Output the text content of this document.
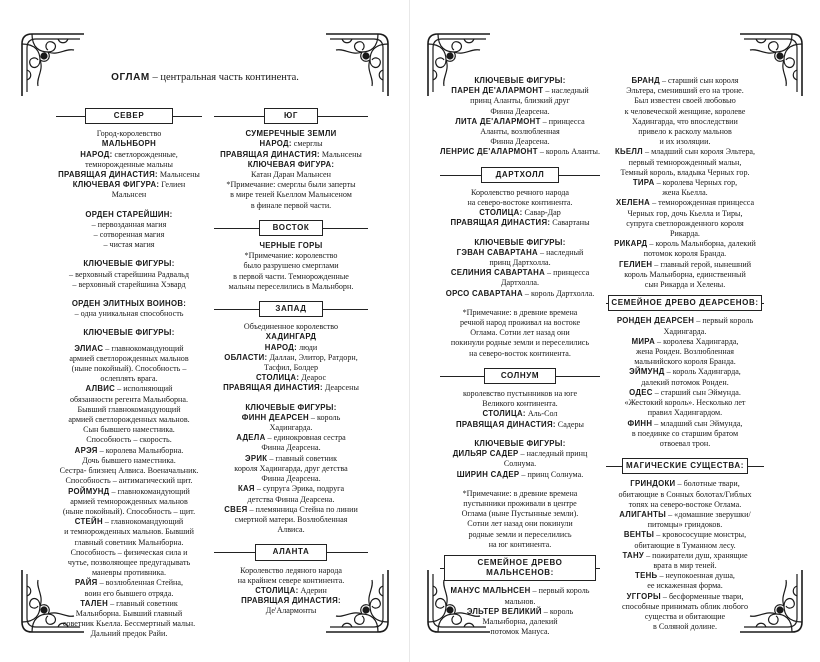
ОГЛАМ – центральная часть континента.
СЕВЕР

Город-королевство

МАЛЬНБОРН

НАРОД: светлорожденные,

темнорожденные мальны

ПРАВЯЩАЯ ДИНАСТИЯ: Мальнсены

КЛЮЧЕВАЯ ФИГУРА: Гелиен Мальнсен

ОРДЕН СТАРЕЙШИН:

– первозданная магия

– сотворенная магия

– чистая магия

КЛЮЧЕВЫЕ ФИГУРЫ:

– верховный старейшина Радвальд

– верховный старейшина Хэвард

ОРДЕН ЭЛИТНЫХ ВОИНОВ:

– одна уникальная способность

КЛЮЧЕВЫЕ ФИГУРЫ:

ЭЛИАС – главнокомандующий

армией светлорожденных мальнов

(ныне покойный). Способность –

ослеплять врага.

АЛВИС – исполняющий

обязанности регента Мальнборна.

Бывший главнокомандующий

армией светлорожденных мальнов.

Сын бывшего наместника.

Способность – скорость.

АРЭЯ – королева Мальнборна.

Дочь бывшего наместника.

Сестра- близнец Алвиса. Военачальник.

Способность – антимагический щит.

РОЙМУНД – главнокомандующий

армией темнорожденных мальнов

(ныне покойный). Способность – щит.

СТЕЙН – главнокомандующий

и темнорожденных мальнов. Бывший

главный советник Мальнборна.

Способность – физическая сила и

чутье, позволяющее предугадывать

маневры противника.

РАЙЯ – возлюбленная Стейна,

воин его бывшего отряда.

ТАЛЕН – главный советник

Мальнборна. Бывший главный

советник Кьелла. Бессмертный мальн.

Дальний предок Райи.

ЮГ

СУМЕРЕЧНЫЕ ЗЕМЛИ

НАРОД: смерглы

ПРАВЯЩАЯ ДИНАСТИЯ: Мальнсены

КЛЮЧЕВАЯ ФИГУРА:

Катан Даран Мальнсен

*Примечание: смерглы были заперты

в мире теней Кьеллом Мальнсеном

в финале первой части.

ВОСТОК

ЧЕРНЫЕ ГОРЫ

*Примечание: королевство

было разрушено смерглами

в первой части. Темнорожденные

мальны переселились в Мальнборн.

ЗАПАД

Объединенное королевство

ХАДИНГАРД

НАРОД: люди

ОБЛАСТИ: Даллан, Элитор, Ратдорн,

Тасфил, Болдер

СТОЛИЦА: Деарос

ПРАВЯЩАЯ ДИНАСТИЯ: Деарсены

КЛЮЧЕВЫЕ ФИГУРЫ:

ФИНН ДЕАРСЕН – король

Хадингарда.

АДЕЛА – единокровная сестра

Финна Деарсена.

ЭРИК – главный советник

короля Хадингарда, друг детства

Финна Деарсена.

КАЯ – супруга Эрика, подруга

детства Финна Деарсена.

СВЕЯ – племянница Стейна по линии

смертной матери. Возлюбленная

Алвиса.

АЛАНТА

Королевство ледяного народа

на крайнем севере континента.

СТОЛИЦА: Адерин

ПРАВЯЩАЯ ДИНАСТИЯ:

Де'Алармонты

КЛЮЧЕВЫЕ ФИГУРЫ:

ПАРЕН ДЕ'АЛАРМОНТ – наследный

принц Аланты, близкий друг

Финна Деарсена.

ЛИТА ДЕ'АЛАРМОНТ – принцесса

Аланты, возлюбленная

Финна Деарсена.

ЛЕНРИС ДЕ'АЛАРМОНТ – король Аланты.

ДАРТХОЛЛ

Королевство речного народа

на северо-востоке континента.

СТОЛИЦА: Савар-Дар

ПРАВЯЩАЯ ДИНАСТИЯ: Савартаны

КЛЮЧЕВЫЕ ФИГУРЫ:

ГЭВАН САВАРТАНА – наследный

принц Дартхолла.

СЕЛИНИЯ САВАРТАНА – принцесса

Дартхолла.

ОРСО САВАРТАНА – король Дартхолла.

*Примечание: в древние времена

речной народ проживал на востоке

Оглама. Сотни лет назад они

покинули родные земли и переселились

на северо-восток континента.

СОЛНУМ

королевство пустынников на юге

Великого континента.

СТОЛИЦА: Аль-Сол

ПРАВЯЩАЯ ДИНАСТИЯ: Садеры

КЛЮЧЕВЫЕ ФИГУРЫ:

ДИЛЬЯР САДЕР – наследный принц

Солнума.

ШИРИН САДЕР – принц Солнума.

*Примечание: в древние времена

пустынники проживали в центре

Оглама (ныне Пустынные земли).

Сотни лет назад они покинули

родные земли и переселились

на юг континента.

СЕМЕЙНОЕ ДРЕВО МАЛЬНСЕНОВ:

МАНУС МАЛЬНСЕН – первый король

мальнов.

ЭЛЬТЕР ВЕЛИКИЙ – король

Мальнборна, далекий

потомок Мануса.

БРАНД – старший сын короля

Эльтера, сменивший его на троне.

Был известен своей любовью

к человеческой женщине, королеве

Хадингарда, что впоследствии

привело к расколу мальнов

и их изоляции.

КЬЕЛЛ – младший сын короля Эльтера,

первый темнорожденный мальн,

Темный король, владыка Черных гор.

ТИРА – королева Черных гор,

жена Кьелла.

ХЕЛЕНА – темнорожденная принцесса

Черных гор, дочь Кьелла и Тиры,

супруга светлорожденного короля

Рикарда.

РИКАРД – король Мальнборна, далекий

потомок короля Бранда.

ГЕЛИЕН – главный герой, нынешний

король Мальнборна, единственный

сын Рикарда и Хелены.

СЕМЕЙНОЕ ДРЕВО ДЕАРСЕНОВ:

РОНДЕН ДЕАРСЕН – первый король

Хадингарда.

МИРА – королева Хадингарда,

жена Ронден. Возлюбленная

мальнийского короля Бранда.

ЭЙМУНД – король Хадингарда,

далекий потомок Ронден.

ОДЕС – старший сын Эймунда.

«Жестокий король». Несколько лет

правил Хадингардом.

ФИНН – младший сын Эймунда,

в поединке со старшим братом

отвоевал трон.

МАГИЧЕСКИЕ СУЩЕСТВА:

ГРИНДОКИ – болотные твари,

обитающие в Сонных болотах/Гиблых

топях на северо-востоке Оглама.

АЛИГАНТЫ – «домашние зверушки/

питомцы» гриндоков.

ВЕНТЫ – кровососущие монстры,

обитающие в Туманном лесу.

ТАНУ – пожиратели душ, хранящие

врата в мир теней.

ТЕНЬ – неупокоенная душа,

ее искаженная форма.

УГГОРЫ – бесформенные твари,

способные принимать облик любого

существа и обитающие

в Соляной долине.
